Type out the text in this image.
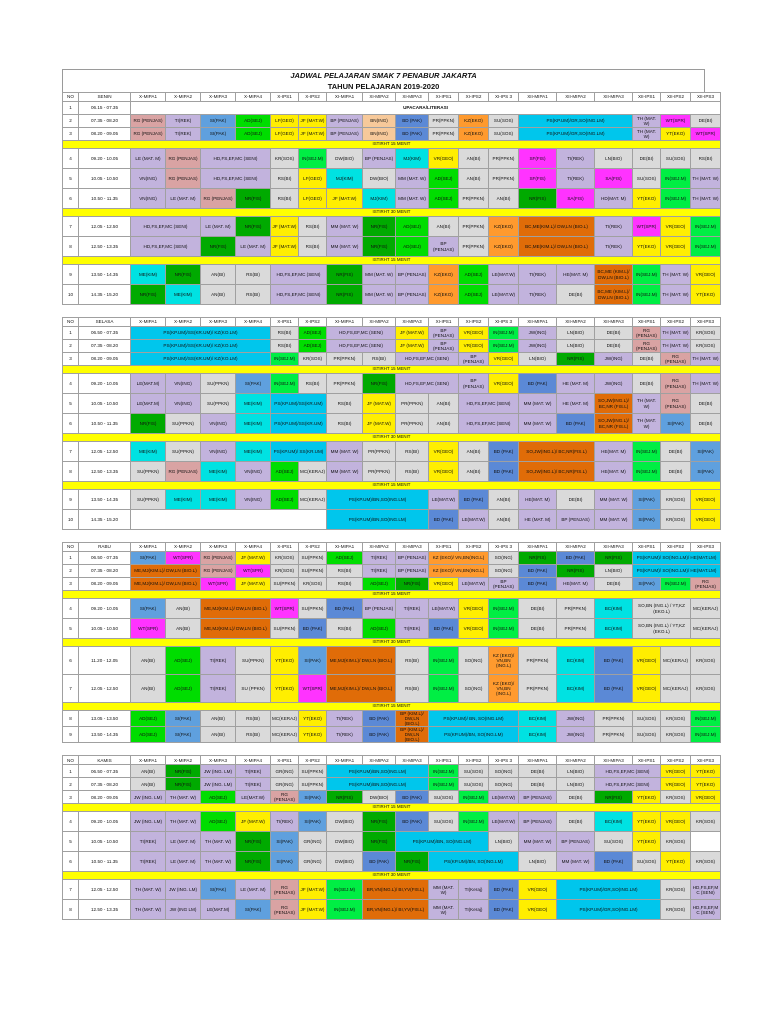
JADWAL PELAJARAN SMAK 7 PENABUR JAKARTA
TAHUN PELAJARAN 2019-2020
NO	SENIN	X-MIPA1	X-MIPA2	X-MIPA3	X-MIPA4	X-IPS1	X-IPS2	XI-MIPA1	XI-MIPA2	XI-MIPA3	XI-IPS1	XI-IPS2	XI-IPS 3	XII-MIPA1	XII-MIPA2	XII-MIPA3	XII-IPS1	XII-IPS2	XII-IPS3
1	06.15 - 07.35	UPACARA/LITERASI																	
2	07.35 - 08.20	RG (PENJAS)	TI(REK)	SI(PAK)	AD(SEJ)	LF(GEO)	JF (MAT.W)	BP (PENJAS)	BN(ING)	BD (PAK)	PR(PPKN)	KZ(EKO)	SU(SOS)	PS(KP.UM)/GR,SO(ING.LM)			TH (MAT. W)	WT(SPR)	DE(BI)
3	08.20 - 09.05	RG (PENJAS)	TI(REK)	SI(PAK)	AD(SEJ)	LF(GEO)	JF (MAT.W)	BP (PENJAS)	BN(ING)	BD (PAK)	PR(PPKN)	KZ(EKO)	SU(SOS)	PS(KP.UM)/GR,SO(ING.LM)			TH (MAT. W)	YT(EKO)	WT(SPR)
ISTIRHT 15 MENIT																			
4	09.20 - 10.05	LE (MAT. M)	RG (PENJAS)	HD,FS,EF,MC (SENI)		KR(SOS)	IN(SEJ.M)	DW(BIO)	BP (PENJAS)	MJ(KIM)	VR(GEO)	AN(BI)	PR(PPKN)	SF(FIS)	TI(REK)	LN(BIO)	DE(BI)	SU(SOS)	RS(BI)
5	10.05 - 10.50	VN(ING)	RG (PENJAS)	HD,FS,EF,MC (SENI)		RS(BI)	LF(GEO)	MJ(KIM)	DW(BIO)	MM (MAT. W)	AD(SEJ)	AN(BI)	PR(PPKN)	SF(FIS)	TI(REK)	SA(FIS)	SU(SOS)	IN(SEJ.M)	TH (MAT. W)
6	10.50 - 11.35	VN(ING)	LE (MAT. M)	RG (PENJAS)	NR(FIS)	RS(BI)	LF(GEO)	JF (MAT.W)	MJ(KIM)	MM (MAT. W)	AD(SEJ)	PR(PPKN)	AN(BI)	NR(FIS)	SA(FIS)	HD(MAT. M)	YT(EKO)	IN(SEJ.M)	TH (MAT. W)
ISTIRHT 30 MENIT																			
7	12.05 - 12.50	HD,FS,EF,MC (SENI)		LE (MAT. M)	NR(FIS)	JF (MAT.W)	RS(BI)	MM (MAT. W)	NR(FIS)	AD(SEJ)	AN(BI)	PR(PPKN)	KZ(EKO)	BC,ME(KIM.L)/ DW,LN (BIO.L)		TI(REK)	WT(SPR)	VR(GEO)	IN(SEJ.M)
8	12.50 - 13.35	HD,FS,EF,MC (SENI)		NR(FIS)	LE (MAT. M)	JF (MAT.W)	RS(BI)	MM (MAT. W)	NR(FIS)	AD(SEJ)	BP (PENJAS)	PR(PPKN)	KZ(EKO)	BC,ME(KIM.L)/ DW,LN (BIO.L)		TI(REK)	YT(EKO)	VR(GEO)	IN(SEJ.M)
ISTIRHT 15 MENIT																			
9	13.50 - 14.35	ME(KIM)	NR(FIS)	AN(BI)	RS(BI)	HD,FS,EF,MC (SENI)		NR(FIS)	MM (MAT. W)	BP (PENJAS)	KZ(EKO)	AD(SEJ)	LE(MAT.W)	TI(REK)	HE(MAT. M)	BC,ME (KIM.L)/ DW,LN (BIO.L)	IN(SEJ.M)	TH (MAT. W)	VR(GEO)
10	14.35 - 15.20	NR(FIS)	ME(KIM)	AN(BI)	RS(BI)	HD,FS,EF,MC (SENI)		NR(FIS)	MM (MAT. W)	BP (PENJAS)	KZ(EKO)	AD(SEJ)	LE(MAT.W)	TI(REK)	DE(BI)	BC,ME (KIM.L)/ DW,LN (BIO.L)	IN(SEJ.M)	TH (MAT. W)	YT(EKO)
NO	SELASA	X-MIPA1	X-MIPA2	X-MIPA3	X-MIPA4	X-IPS1	X-IPS2	XI-MIPA1	XI-MIPA2	XI-MIPA3	XI-IPS1	XI-IPS2	XI-IPS 3	XII-MIPA1	XII-MIPA2	XII-MIPA3	XII-IPS1	XII-IPS2	XII-IPS3
1	06.50 - 07.35	PS(KP.UM)/SS(KR.UM)/ KZ(KO.LM)				RS(BI)	AD(SEJ)	HD,FS,EF,MC (SENI)		JF (MAT.W)	BP (PENJAS)	VR(GEO)	IN(SEJ.M)	JW(ING)	LN(BIO)	DE(BI)	RG (PENJAS)	TH (MAT. W)	KR(SOS)
2	07.35 - 08.20	PS(KP.UM)/SS(KR.UM)/ KZ(KO.LM)				RS(BI)	AD(SEJ)	HD,FS,EF,MC (SENI)		JF (MAT.W)	BP (PENJAS)	VR(GEO)	IN(SEJ.M)	JW(ING)	LN(BIO)	DE(BI)	RG (PENJAS)	TH (MAT. W)	KR(SOS)
3	08.20 - 09.05	PS(KP.UM)/SS(KR.UM)/ KZ(KO.LM)				IN(SEJ.M)	KR(SOS)	PR(PPKN)	RS(BI)	HD,FS,EF,MC (SENI)		BP (PENJAS)	VR(GEO)	LN(BIO)	NR(FIS)	JW(ING)	DE(BI)	RG (PENJAS)	TH (MAT. W)
ISTIRHT 15 MENIT																			
4	09.20 - 10.05	LE(MAT.M)	VN(ING)	SU(PPKN)	SI(PAK)	IN(SEJ.M)	RS(BI)	PR(PPKN)	NR(FIS)	HD,FS,EF,MC (SENI)		BP (PENJAS)	VR(GEO)	BD (PAK)	HE (MAT. M)	JW(ING)	DE(BI)	RG (PENJAS)	TH (MAT. W)
5	10.05 - 10.50	LE(MAT.M)	VN(ING)	SU(PPKN)	ME(KIM)	PS(KP.UM)/SS(KR.UM)		RS(BI)	JF (MAT.W)	PR(PPKN)	AN(BI)	HD,FS,EF,MC (SENI)		MM (MAT. W)	HE (MAT. M)	SO,JW(ING.L)/ BC,NR (FIS.L)	TH (MAT. W)	RG (PENJAS)	DE(BI)
6	10.50 - 11.35	NR(FIS)	SU(PPKN)	VN(ING)	ME(KIM)	PS(KP.UM)/SS(KR.UM)		RS(BI)	JF (MAT.W)	PR(PPKN)	AN(BI)	HD,FS,EF,MC (SENI)		MM (MAT. W)	BD (PAK)	SO,JW(ING.L)/ BC,NR (FIS.L)	TH (MAT. W)	SI(PAK)	DE(BI)
ISTIRHT 30 MENIT																			
7	12.05 - 12.50	ME(KIM)	SU(PPKN)	VN(ING)	ME(KIM)	PS(KP.UM)/ SS(KR.UM)		MM (MAT. W)	PR(PPKN)	RS(BI)	VR(GEO)	AN(BI)	BD (PAK)	SO,JW(ING.L)/ BC,NR(FIS.L)		HE(MAT. M)	IN(SEJ.M)	DE(BI)	SI(PAK)
8	12.50 - 13.35	SU(PPKN)	RG (PENJAS)	ME(KIM)	VN(ING)	AD(SEJ)	MC(KERAJ)	MM (MAT. W)	PR(PPKN)	RS(BI)	VR(GEO)	AN(BI)	BD (PAK)	SO,JW(ING.L)/ BC,NR(FIS.L)		HE(MAT. M)	IN(SEJ.M)	DE(BI)	SI(PAK)
ISTIRHT 15 MENIT																			
9	13.50 - 14.35	SU(PPKN)	ME(KIM)	ME(KIM)	VN(ING)	AD(SEJ)	MC(KERAJ)	PS(KP.UM)/BN,SO(ING.LM)			LE(MAT.W)	BD (PAK)	AN(BI)	HE(MAT. M)	DE(BI)	MM (MAT. W)	SI(PAK)	KR(SOS)	VR(GEO)
10	14.35 - 15.20							PS(KP.UM)/BN,SO(ING.LM)			BD (PAK)	LE(MAT.W)	AN(BI)	HE (MAT. M)	BP (PENJAS)	MM (MAT. W)	SI(PAK)	KR(SOS)	VR(GEO)
NO	RABU	X-MIPA1	X-MIPA2	X-MIPA3	X-MIPA4	X-IPS1	X-IPS2	XI-MIPA1	XI-MIPA2	XI-MIPA3	XI-IPS1	XI-IPS2	XI-IPS 3	XII-MIPA1	XII-MIPA2	XII-MIPA3	XII-IPS1	XII-IPS2	XII-IPS3
1	06.50 - 07.35	SI(PAK)	WT(SPR)	RG (PENJAS)	JF (MAT.W)	KR(SOS)	SU(PPKN)	AD(SEJ)	TI(REK)	BP (PENJAS)	KZ (EKO)/ VN,BN(ING.L)		SO(ING)	NR(FIS)	BD (PAK)	NR(FIS)	PS(KP.UM)/ SO(ING.LM)/ HE(MAT.LM)		
2	07.35 - 08.20	ME,MJ(KIM.L)/ DW,LN (BIO.L)		RG (PENJAS)	WT(SPR)	KR(SOS)	SU(PPKN)	RS(BI)	TI(REK)	BP (PENJAS)	KZ (EKO)/ VN,BN(ING.L)		SO(ING)	BD (PAK)	NR(FIS)	LN(BIO)	PS(KP.UM)/ SO(ING.LM)/ HE(MAT.LM)		
3	08.20 - 09.05	ME,MJ(KIM.L)/ DW,LN (BIO.L)		WT(SPR)	JF (MAT.W)	SU(PPKN)	KR(SOS)	RS(BI)	AD(SEJ)	NR(FIS)	VR(GEO)	LE(MAT.W)	BP (PENJAS)	BD (PAK)	HE(MAT. M)	DE(BI)	SI(PAK)	IN(SEJ.M)	RG (PENJAS)
ISTIRHT 15 MENIT																			
4	09.20 - 10.05	SI(PAK)	AN(BI)	ME,MJ(KIM.L)/ DW,LN (BIO.L)		WT(SPR)	SU(PPKN)	BD (PAK)	BP (PENJAS)	TI(REK)	LE(MAT.W)	VR(GEO)	IN(SEJ.M)	DE(BI)	PR(PPKN)	BC(KIM)	SO,BN (ING.L) / YT,KZ (EKO.L)		MC(KERAJ)
5	10.05 - 10.50	WT(SPR)	AN(BI)	ME,MJ(KIM.L)/ DW,LN (BIO.L)		SU(PPKN)	BD (PAK)	RS(BI)	AD(SEJ)	TI(REK)	BD (PAK)	VR(GEO)	IN(SEJ.M)	DE(BI)	PR(PPKN)	BC(KIM)	SO,BN (ING.L) / YT,KZ (EKO.L)		MC(KERAJ)
ISTIRHT 30 MENIT																			
6	11.20 - 12.05	AN(BI)	AD(SEJ)	TI(REK)	SU(PPKN)	YT(EKO)	SI(PAK)	ME,MJ(KIM.L)/ DW,LN (BIO.L)		RS(BI)	IN(SEJ.M)	SO(ING)	KZ (EKO)/ VN,BN (ING.L)	PR(PPKN)	BC(KIM)	BD (PAK)	VR(GEO)	MC(KERAJ)	KR(SOS)
7	12.05 - 12.50	AN(BI)	AD(SEJ)	TI(REK)	SU (PPKN)	YT(EKO)	WT(SPR)	ME,MJ(KIM.L)/ DW,LN (BIO.L)		RS(BI)	IN(SEJ.M)	SO(ING)	KZ (EKO)/ VN,BN (ING.L)	PR(PPKN)	BC(KIM)	BD (PAK)	VR(GEO)	MC(KERAJ)	KR(SOS)
ISTIRHT 15 MENIT																			
8	13.05 - 13.50	AD(SEJ)	SI(PAK)	AN(BI)	RS(BI)	MC(KERAJ)	YT(EKO)	TI(REK)	BD (PAK)	BP (KIM.L)/ DW,LN (BIO.L)	PS(KP.UM)/ BN, SO(ING.LM)			BC(KIM)	JW(ING)	PR(PPKN)	SU(SOS)	KR(SOS)	IN(SEJ.M)
9	13.50 - 14.35	AD(SEJ)	SI(PAK)	AN(BI)	RS(BI)	MC(KERAJ)	YT(EKO)	TI(REK)	BD (PAK)	BP (KIM.L)/ DW,LN (BIO.L)	PS(KP.UM)/BN, SO(ING.LM)			BC(KIM)	JW(ING)	PR(PPKN)	SU(SOS)	KR(SOS)	IN(SEJ.M)
NO	KAMIS	X-MIPA1	X-MIPA2	X-MIPA3	X-MIPA4	X-IPS1	X-IPS2	XI-MIPA1	XI-MIPA2	XI-MIPA3	XI-IPS1	XI-IPS2	XI-IPS 3	XII-MIPA1	XII-MIPA2	XII-MIPA3	XII-IPS1	XII-IPS2	XII-IPS3
1	06.50 - 07.35	AN(BI)	NR(FIS)	JW (ING. LM)	TI(REK)	GR(ING)	SU(PPKN)	PS(KP.UM)/BN,SO(ING.LM)			IN(SEJ.M)	SU(SOS)	SO(ING)	DE(BI)	LN(BIO)	HD,FS,EF,MC (SENI)		VR(GEO)	YT(EKO)
2	07.35 - 08.20	AN(BI)	NR(FIS)	JW (ING. LM)	TI(REK)	GR(ING)	SU(PPKN)	PS(KP.UM)/BN,SO(ING.LM)			IN(SEJ.M)	SU(SOS)	SO(ING)	DE(BI)	LN(BIO)	HD,FS,EF,MC (SENI)		VR(GEO)	YT(EKO)
3	08.20 - 09.05	JW (ING. LM)	TH (MAT. W)	AD(SEJ)	LE(MAT.W)	RG (PENJAS)	SI(PAK)	NR(FIS)	DW(BIO)	BD (PAK)	SU(SOS)	IN(SEJ.M)	LE(MAT.W)	BP (PENJAS)	DE(BI)	NR(FIS)	YT(EKO)	KR(SOS)	VR(GEO)
ISTIRHT 15 MENIT																			
4	09.20 - 10.05	JW (ING. LM)	TH (MAT. W)	AD(SEJ)	JF (MAT.W)	TI(REK)	SI(PAK)	DW(BIO)	NR(FIS)	BD (PAK)	SU(SOS)	IN(SEJ.M)	LE(MAT.W)	BP (PENJAS)	DE(BI)	BC(KIM)	YT(EKO)	VR(GEO)	KR(SOS)
5	10.05 - 10.50	TI(REK)	LE (MAT. M)	TH (MAT. W)	NR(FIS)	SI(PAK)	GR(ING)	DW(BIO)	NR(FIS)	PS(KP.UM)/BN, SO(ING.LM)			LN(BIO)	MM (MAT. W)	BP (PENJAS)	SU(SOS)	YT(EKO)	KR(SOS)	
6	10.50 - 11.35	TI(REK)	LE (MAT. M)	TH (MAT. W)	NR(FIS)	SI(PAK)	GR(ING)	DW(BIO)	BD (PAK)	NR(FIS)	PS(KP.UM)/BN, SO(ING.LM)			LN(BIO)	MM (MAT. W)	BD (PAK)	SU(SOS)	YT(EKO)	KR(SOS)
ISTIRHT 30 MENIT																			
7	12.05 - 12.50	TH (MAT. W)	JW (ING. LM)	SI(PAK)	LE (MAT. M)	RG (PENJAS)	JF (MAT.W)	IN(SEJ.M)	BR,VN(ING.L)/ BI,YV(FIS.L)		MM (MAT. W)	TI(Keraj)	BD (PAK)	VR(GEO)	PS(KP.UM)/GR,SO(ING.LM)			KR(SOS)	HD,FS,EF,MC (SENI)
8	12.50 - 13.35	TH (MAT. W)	JW (ING LM)	LE(MAT.M)	SI(PAK)	RG (PENJAS)	JF (MAT.W)	IN(SEJ.M)	BR,VN(ING.L)/ BI,YV(FIS.L)		MM (MAT. W)	TI(Keraj)	BD (PAK)	VR(GEO)	PS(KP.UM)/GR,SO(ING.LM)			KR(SOS)	HD,FS,EF,MC (SENI)
